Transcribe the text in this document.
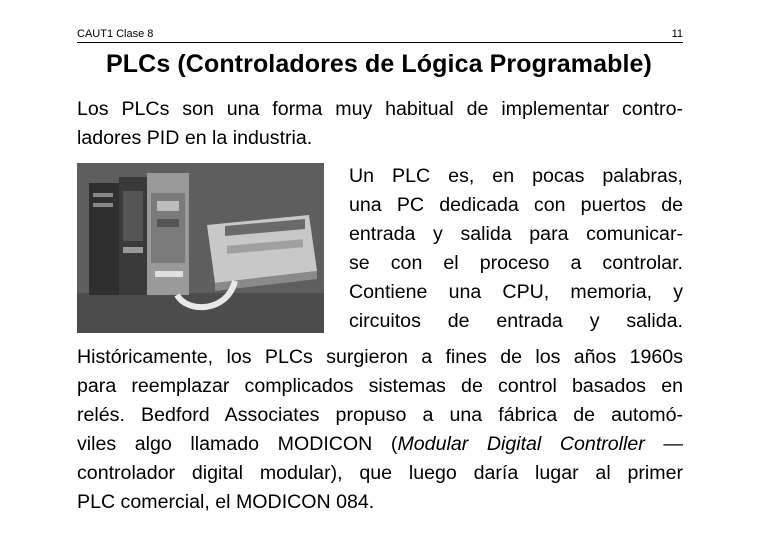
CAUT1 Clase 8	11
PLCs (Controladores de Lógica Programable)
Los PLCs son una forma muy habitual de implementar contro-
ladores PID en la industria.
Un PLC es, en pocas palabras,
una PC dedicada con puertos de
entrada y salida para comunicar-
se con el proceso a controlar.
Contiene una CPU, memoria, y
circuitos de entrada y salida.
Históricamente, los PLCs surgieron a fines de los años 1960s
para reemplazar complicados sistemas de control basados en
relés. Bedford Associates propuso a una fábrica de automó-
viles algo llamado MODICON (Modular Digital Controller —
controlador digital modular), que luego daría lugar al primer
PLC comercial, el MODICON 084.
